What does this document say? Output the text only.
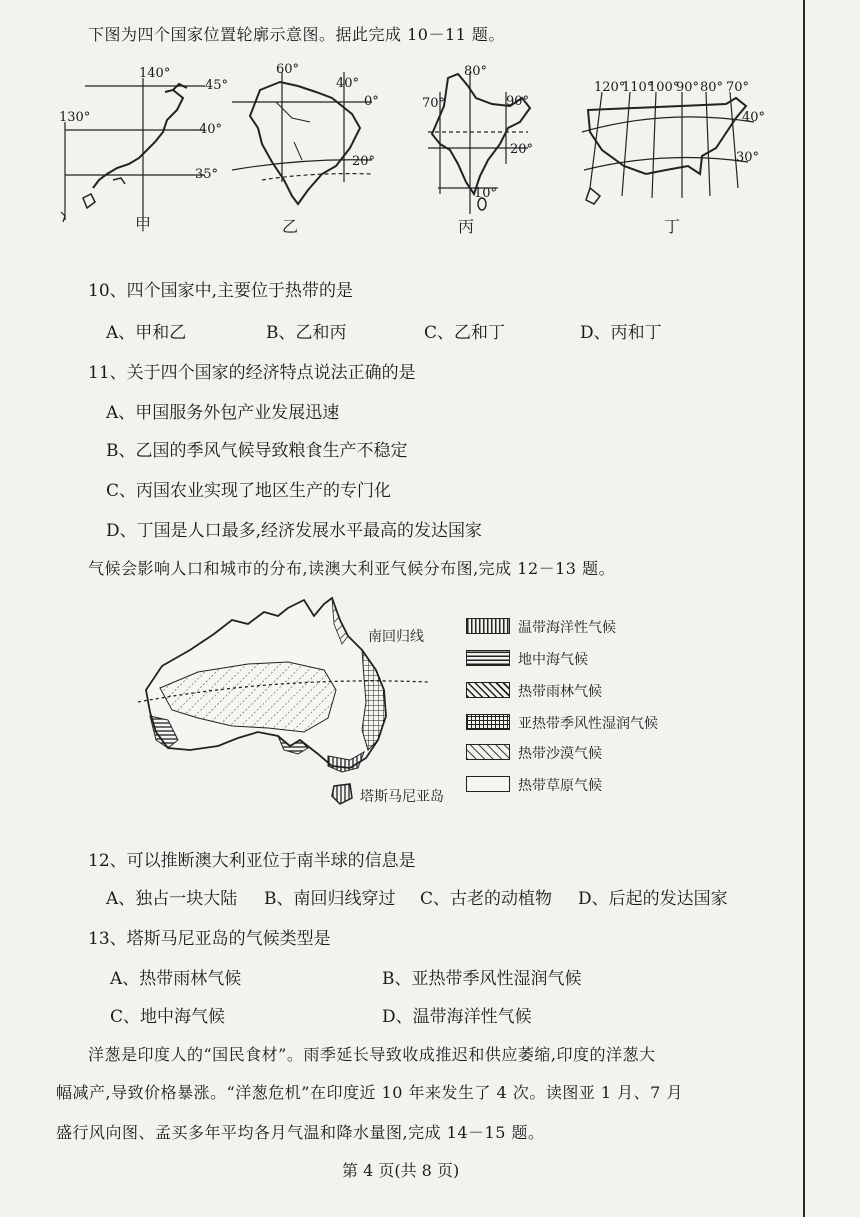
下图为四个国家位置轮廓示意图。据此完成 10－11 题。
140°
130°
45°
40°
35°
甲
60°
40°
0°
20°
乙
70°
80°
90°
20°
10°
丙
120°
110°
100°
90° 80° 70°
40°
30°
丁
10、四个国家中,主要位于热带的是
A、甲和乙	B、乙和丙	C、乙和丁	D、丙和丁
11、关于四个国家的经济特点说法正确的是
A、甲国服务外包产业发展迅速
B、乙国的季风气候导致粮食生产不稳定
C、丙国农业实现了地区生产的专门化
D、丁国是人口最多,经济发展水平最高的发达国家
气候会影响人口和城市的分布,读澳大利亚气候分布图,完成 12－13 题。
南回归线
塔斯马尼亚岛
温带海洋性气候
地中海气候
热带雨林气候
亚热带季风性湿润气候
热带沙漠气候
热带草原气候
12、可以推断澳大利亚位于南半球的信息是
A、独占一块大陆 B、南回归线穿过 C、古老的动植物 D、后起的发达国家
13、塔斯马尼亚岛的气候类型是
A、热带雨林气候	B、亚热带季风性湿润气候
C、地中海气候	D、温带海洋性气候
洋葱是印度人的“国民食材”。雨季延长导致收成推迟和供应萎缩,印度的洋葱大
幅减产,导致价格暴涨。“洋葱危机”在印度近 10 年来发生了 4 次。读图亚 1 月、7 月
盛行风向图、孟买多年平均各月气温和降水量图,完成 14－15 题。
第 4 页(共 8 页)
